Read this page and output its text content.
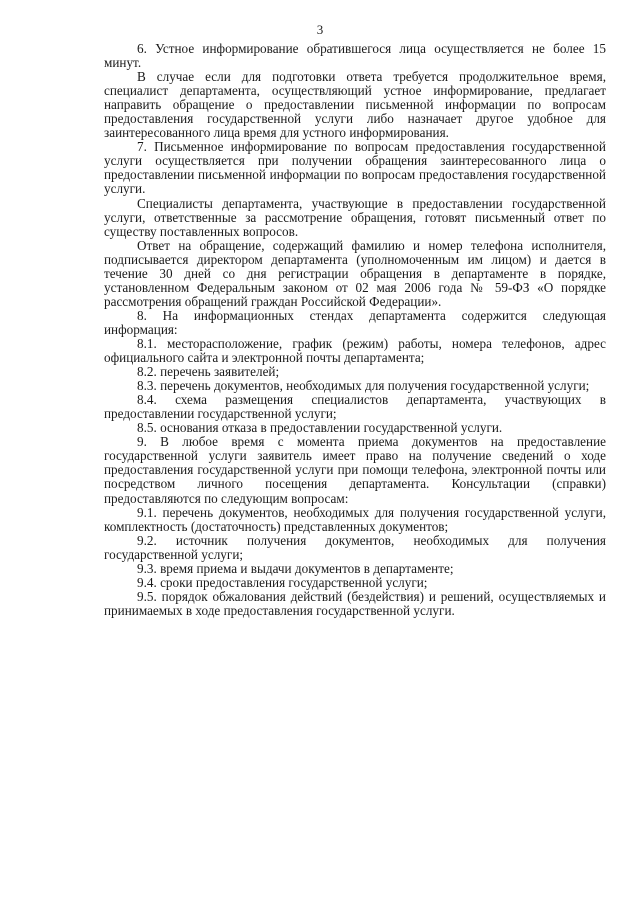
3

6. Устное информирование обратившегося лица осуществляется не более 15 минут.

В случае если для подготовки ответа требуется продолжительное время, специалист департамента, осуществляющий устное информирование, предлагает направить обращение о предоставлении письменной информации по вопросам предоставления государственной услуги либо назначает другое удобное для заинтересованного лица время для устного информирования.

7. Письменное информирование по вопросам предоставления государственной услуги осуществляется при получении обращения заинтересованного лица о предоставлении письменной информации по вопросам предоставления государственной услуги.

Специалисты департамента, участвующие в предоставлении государственной услуги, ответственные за рассмотрение обращения, готовят письменный ответ по существу поставленных вопросов.

Ответ на обращение, содержащий фамилию и номер телефона исполнителя, подписывается директором департамента (уполномоченным им лицом) и дается в течение 30 дней со дня регистрации обращения в департаменте в порядке, установленном Федеральным законом от 02 мая 2006 года № 59-ФЗ «О порядке рассмотрения обращений граждан Российской Федерации».

8. На информационных стендах департамента содержится следующая информация:

8.1. месторасположение, график (режим) работы, номера телефонов, адрес официального сайта и электронной почты департамента;

8.2. перечень заявителей;

8.3. перечень документов, необходимых для получения государственной услуги;

8.4. схема размещения специалистов департамента, участвующих в предоставлении государственной услуги;

8.5. основания отказа в предоставлении государственной услуги.

9. В любое время с момента приема документов на предоставление государственной услуги заявитель имеет право на получение сведений о ходе предоставления государственной услуги при помощи телефона, электронной почты или посредством личного посещения департамента. Консультации (справки) предоставляются по следующим вопросам:

9.1. перечень документов, необходимых для получения государственной услуги, комплектность (достаточность) представленных документов;

9.2. источник получения документов, необходимых для получения государственной услуги;

9.3. время приема и выдачи документов в департаменте;

9.4. сроки предоставления государственной услуги;

9.5. порядок обжалования действий (бездействия) и решений, осуществляемых и принимаемых в ходе предоставления государственной услуги.
